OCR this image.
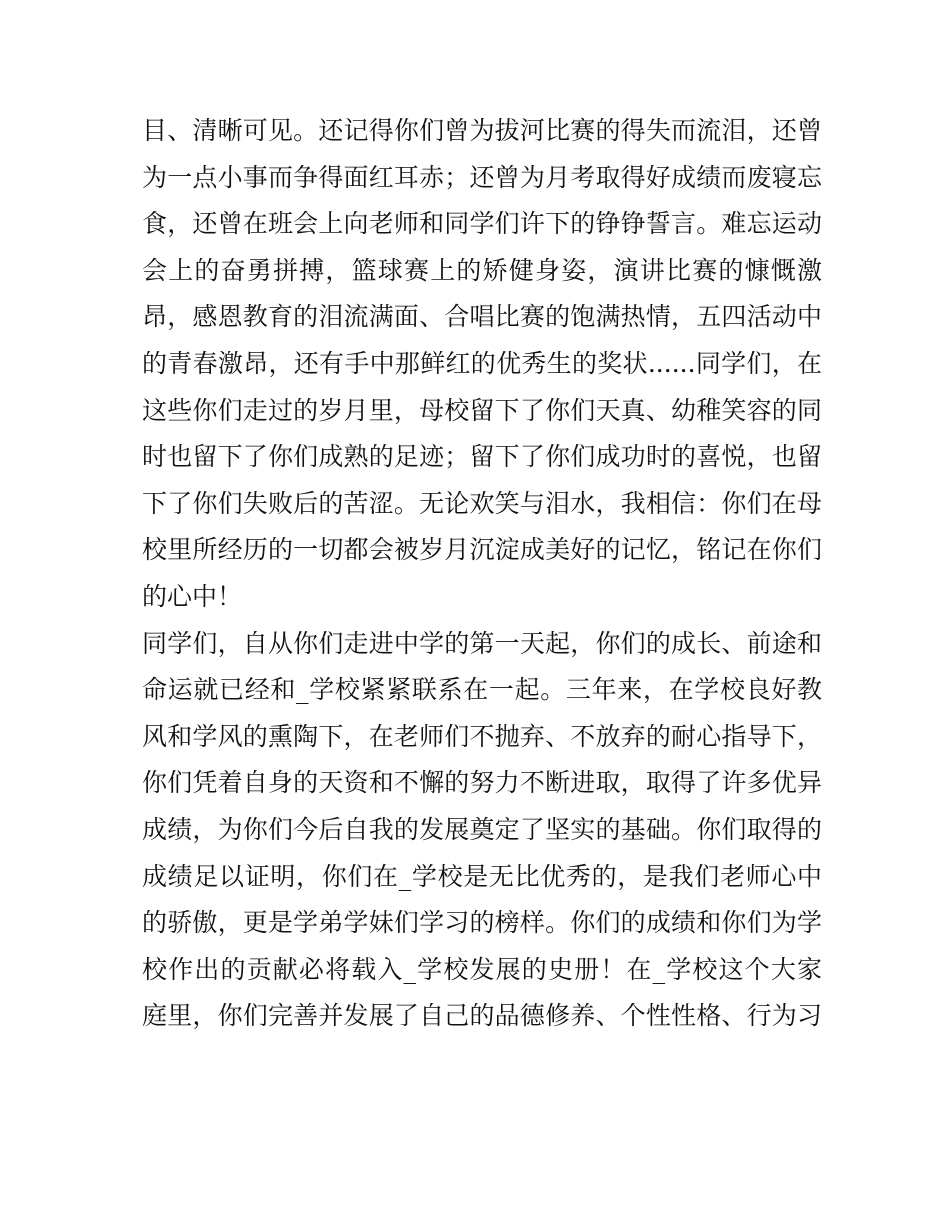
目、清晰可见。还记得你们曾为拔河比赛的得失而流泪，还曾
为一点小事而争得面红耳赤；还曾为月考取得好成绩而废寝忘
食，还曾在班会上向老师和同学们许下的铮铮誓言。难忘运动
会上的奋勇拼搏，篮球赛上的矫健身姿，演讲比赛的慷慨激
昂，感恩教育的泪流满面、合唱比赛的饱满热情，五四活动中
的青春激昂，还有手中那鲜红的优秀生的奖状......同学们，在
这些你们走过的岁月里，母校留下了你们天真、幼稚笑容的同
时也留下了你们成熟的足迹；留下了你们成功时的喜悦，也留
下了你们失败后的苦涩。无论欢笑与泪水，我相信：你们在母
校里所经历的一切都会被岁月沉淀成美好的记忆，铭记在你们
的心中！
同学们，自从你们走进中学的第一天起，你们的成长、前途和
命运就已经和_学校紧紧联系在一起。三年来，在学校良好教
风和学风的熏陶下，在老师们不抛弃、不放弃的耐心指导下，
你们凭着自身的天资和不懈的努力不断进取，取得了许多优异
成绩，为你们今后自我的发展奠定了坚实的基础。你们取得的
成绩足以证明，你们在_学校是无比优秀的，是我们老师心中
的骄傲，更是学弟学妹们学习的榜样。你们的成绩和你们为学
校作出的贡献必将载入_学校发展的史册！在_学校这个大家
庭里，你们完善并发展了自己的品德修养、个性性格、行为习
